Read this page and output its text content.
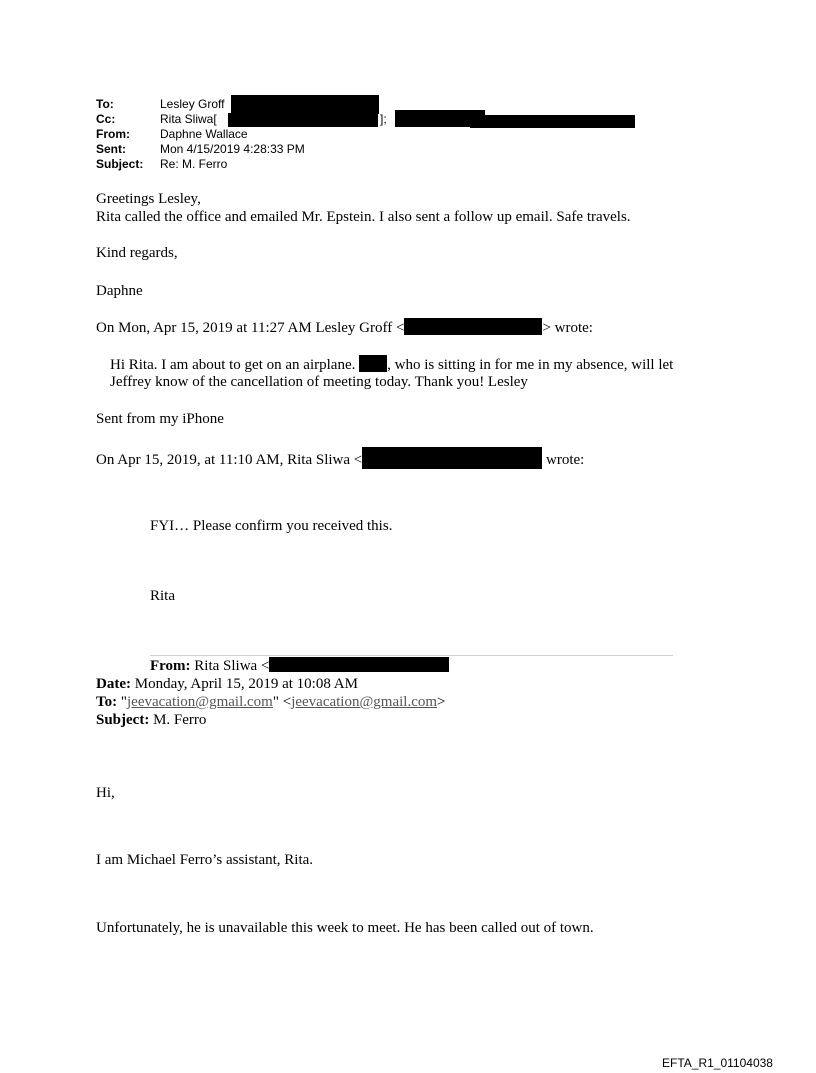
To:	Lesley Groff
Cc:	Rita Sliwa[	];
From:	Daphne Wallace
Sent:	Mon 4/15/2019 4:28:33 PM
Subject: Re: M. Ferro
Greetings Lesley,
Rita called the office and emailed Mr. Epstein. I also sent a follow up email. Safe travels.
Kind regards,
Daphne
On Mon, Apr 15, 2019 at 11:27 AM Lesley Groff <	> wrote:
Hi Rita. I am about to get on an airplane. , who is sitting in for me in my absence, will let
Jeffrey know of the cancellation of meeting today. Thank you! Lesley
Sent from my iPhone
On Apr 15, 2019, at 11:10 AM, Rita Sliwa <	wrote:
FYI… Please confirm you received this.
Rita
From: Rita Sliwa <
Date: Monday, April 15, 2019 at 10:08 AM
To: "jeevacation@gmail.com" <jeevacation@gmail.com>
Subject: M. Ferro
Hi,
I am Michael Ferro’s assistant, Rita.
Unfortunately, he is unavailable this week to meet. He has been called out of town.
EFTA_R1_01104038
